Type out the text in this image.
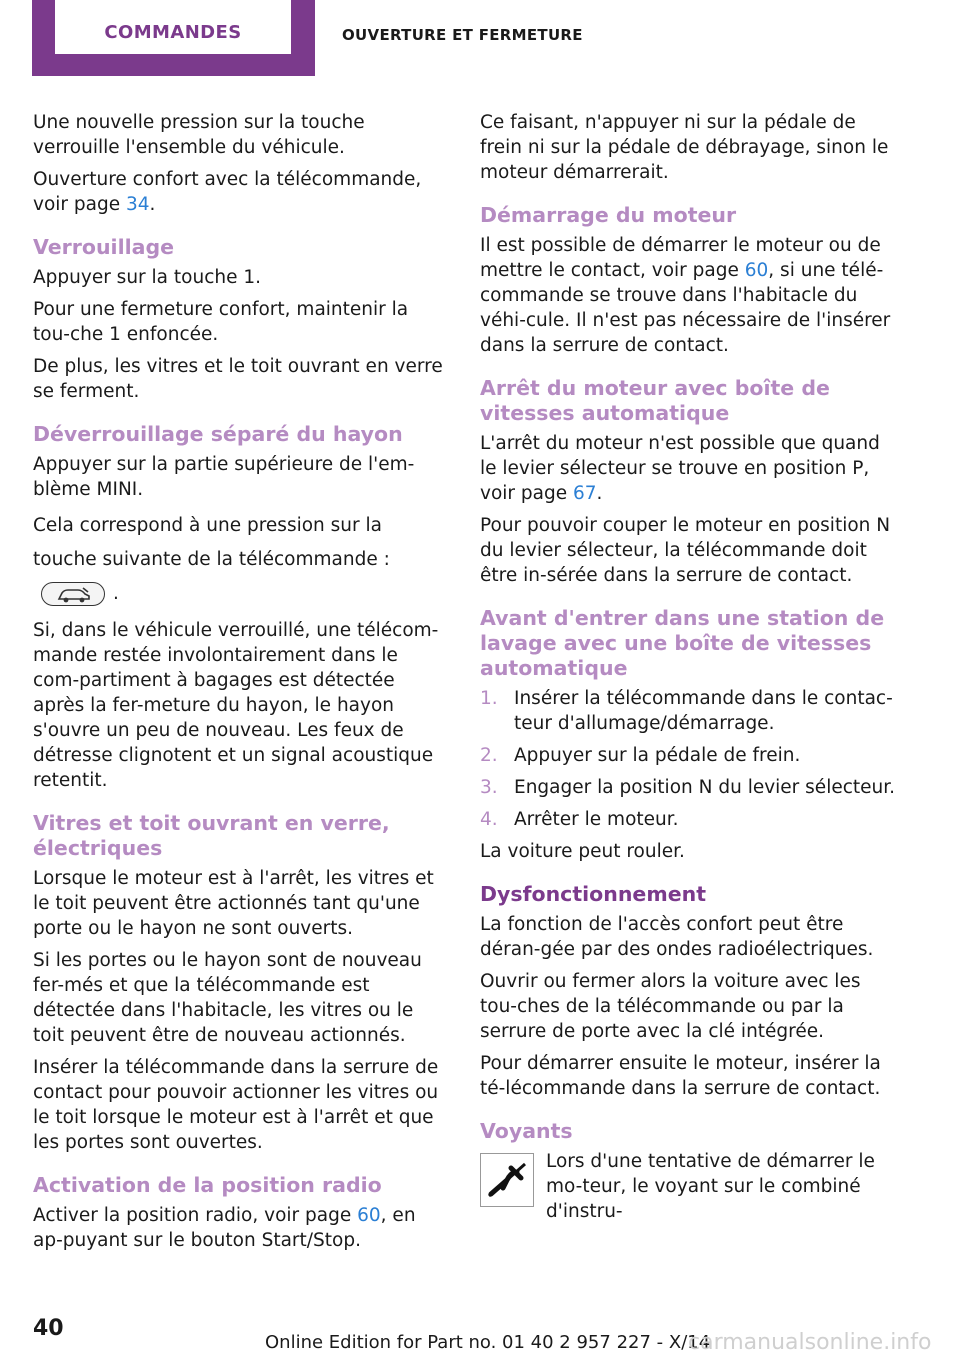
COMMANDES	OUVERTURE ET FERMETURE

Une nouvelle pression sur la touche verrouille l'ensemble du véhicule.

Ouverture confort avec la télécommande, voir page 34.

Verrouillage

Appuyer sur la touche 1.

Pour une fermeture confort, maintenir la tou-che 1 enfoncée.

De plus, les vitres et le toit ouvrant en verre se ferment.

Déverrouillage séparé du hayon

Appuyer sur la partie supérieure de l'em-blème MINI.

Cela correspond à une pression sur la touche suivante de la télécommande :
.

Si, dans le véhicule verrouillé, une télécom-mande restée involontairement dans le com-partiment à bagages est détectée après la fer-meture du hayon, le hayon s'ouvre un peu de nouveau. Les feux de détresse clignotent et un signal acoustique retentit.

Vitres et toit ouvrant en verre, électriques

Lorsque le moteur est à l'arrêt, les vitres et le toit peuvent être actionnés tant qu'une porte ou le hayon ne sont ouverts.

Si les portes ou le hayon sont de nouveau fer-més et que la télécommande est détectée dans l'habitacle, les vitres ou le toit peuvent être de nouveau actionnés.

Insérer la télécommande dans la serrure de contact pour pouvoir actionner les vitres ou le toit lorsque le moteur est à l'arrêt et que les portes sont ouvertes.

Activation de la position radio

Activer la position radio, voir page 60, en ap-puyant sur le bouton Start/Stop.

Ce faisant, n'appuyer ni sur la pédale de frein ni sur la pédale de débrayage, sinon le moteur démarrerait.

Démarrage du moteur

Il est possible de démarrer le moteur ou de mettre le contact, voir page 60, si une télé-commande se trouve dans l'habitacle du véhi-cule. Il n'est pas nécessaire de l'insérer dans la serrure de contact.

Arrêt du moteur avec boîte de vitesses automatique

L'arrêt du moteur n'est possible que quand le levier sélecteur se trouve en position P, voir page 67.

Pour pouvoir couper le moteur en position N du levier sélecteur, la télécommande doit être in-sérée dans la serrure de contact.

Avant d'entrer dans une station de lavage avec une boîte de vitesses automatique
1. Insérer la télécommande dans le contac-teur d'allumage/démarrage.
2. Appuyer sur la pédale de frein.
3. Engager la position N du levier sélecteur.
4. Arrêter le moteur.

La voiture peut rouler.

Dysfonctionnement

La fonction de l'accès confort peut être déran-gée par des ondes radioélectriques.

Ouvrir ou fermer alors la voiture avec les tou-ches de la télécommande ou par la serrure de porte avec la clé intégrée.

Pour démarrer ensuite le moteur, insérer la té-lécommande dans la serrure de contact.

Voyants

Lors d'une tentative de démarrer le mo-teur, le voyant sur le combiné d'instru-

40
Online Edition for Part no. 01 40 2 957 227 - X/14
carmanualsonline.info
